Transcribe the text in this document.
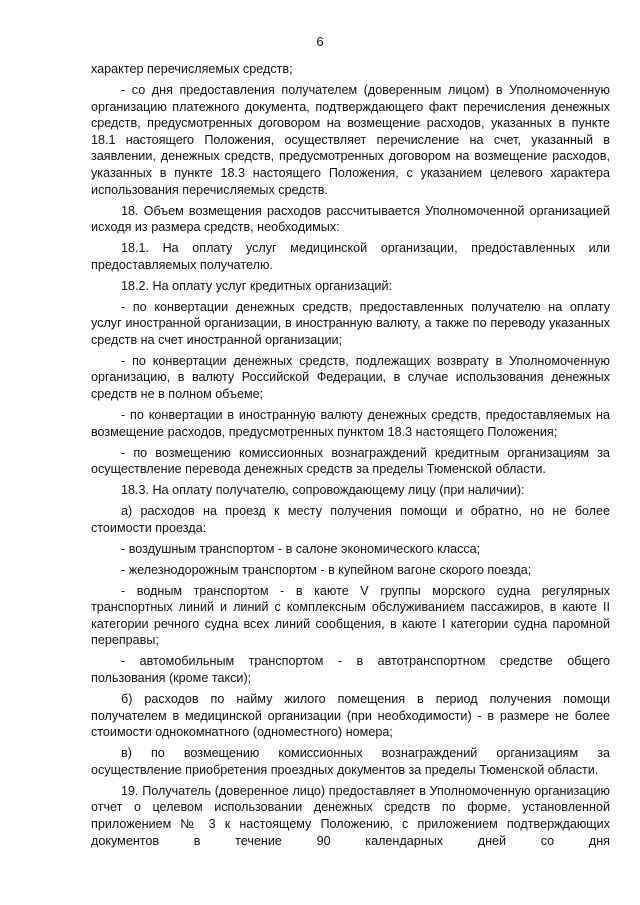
6

характер перечисляемых средств;

- со дня предоставления получателем (доверенным лицом) в Уполномоченную организацию платежного документа, подтверждающего факт перечисления денежных средств, предусмотренных договором на возмещение расходов, указанных в пункте 18.1 настоящего Положения, осуществляет перечисление на счет, указанный в заявлении, денежных средств, предусмотренных договором на возмещение расходов, указанных в пункте 18.3 настоящего Положения, с указанием целевого характера использования перечисляемых средств.

18. Объем возмещения расходов рассчитывается Уполномоченной организацией исходя из размера средств, необходимых:

18.1. На оплату услуг медицинской организации, предоставленных или предоставляемых получателю.

18.2. На оплату услуг кредитных организаций:

- по конвертации денежных средств, предоставленных получателю на оплату услуг иностранной организации, в иностранную валюту, а также по переводу указанных средств на счет иностранной организации;

- по конвертации денежных средств, подлежащих возврату в Уполномоченную организацию, в валюту Российской Федерации, в случае использования денежных средств не в полном объеме;

- по конвертации в иностранную валюту денежных средств, предоставляемых на возмещение расходов, предусмотренных пунктом 18.3 настоящего Положения;

- по возмещению комиссионных вознаграждений кредитным организациям за осуществление перевода денежных средств за пределы Тюменской области.

18.3. На оплату получателю, сопровождающему лицу (при наличии):

а) расходов на проезд к месту получения помощи и обратно, но не более стоимости проезда:

- воздушным транспортом - в салоне экономического класса;

- железнодорожным транспортом - в купейном вагоне скорого поезда;

- водным транспортом - в каюте V группы морского судна регулярных транспортных линий и линий с комплексным обслуживанием пассажиров, в каюте II категории речного судна всех линий сообщения, в каюте I категории судна паромной переправы;

- автомобильным транспортом - в автотранспортном средстве общего пользования (кроме такси);

б) расходов по найму жилого помещения в период получения помощи получателем в медицинской организации (при необходимости) - в размере не более стоимости однокомнатного (одноместного) номера;

в) по возмещению комиссионных вознаграждений организациям за осуществление приобретения проездных документов за пределы Тюменской области.

19. Получатель (доверенное лицо) предоставляет в Уполномоченную организацию отчет о целевом использовании денежных средств по форме, установленной приложением № 3 к настоящему Положению, с приложением подтверждающих документов в течение 90 календарных дней со дня
